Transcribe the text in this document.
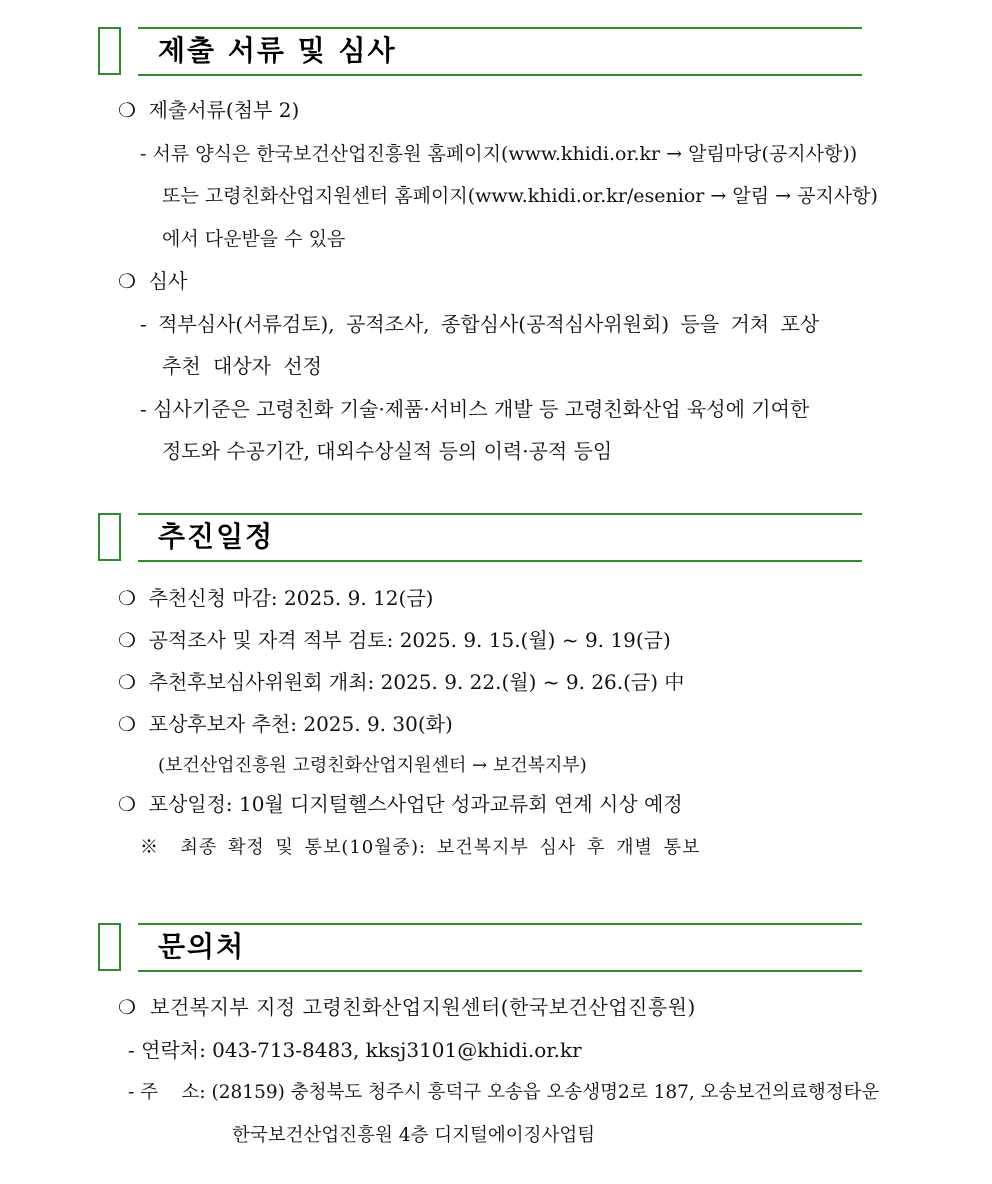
제출 서류 및 심사
❍ 제출서류(첨부 2)
- 서류 양식은 한국보건산업진흥원 홈페이지(www.khidi.or.kr → 알림마당(공지사항))
또는 고령친화산업지원센터 홈페이지(www.khidi.or.kr/esenior → 알림 → 공지사항)
에서 다운받을 수 있음
❍ 심사
- 적부심사(서류검토), 공적조사, 종합심사(공적심사위원회) 등을 거쳐 포상
추천 대상자 선정
- 심사기준은 고령친화 기술·제품·서비스 개발 등 고령친화산업 육성에 기여한
정도와 수공기간, 대외수상실적 등의 이력·공적 등임
추진일정
❍ 추천신청 마감: 2025. 9. 12(금)
❍ 공적조사 및 자격 적부 검토: 2025. 9. 15.(월) ~ 9. 19(금)
❍ 추천후보심사위원회 개최: 2025. 9. 22.(월) ~ 9. 26.(금) 中
❍ 포상후보자 추천: 2025. 9. 30(화)
(보건산업진흥원 고령친화산업지원센터 → 보건복지부)
❍ 포상일정: 10월 디지털헬스사업단 성과교류회 연계 시상 예정
※ 최종 확정 및 통보(10월중): 보건복지부 심사 후 개별 통보
문의처
❍ 보건복지부 지정 고령친화산업지원센터(한국보건산업진흥원)
- 연락처: 043-713-8483, kksj3101@khidi.or.kr
- 주    소: (28159) 충청북도 청주시 흥덕구 오송읍 오송생명2로 187, 오송보건의료행정타운
한국보건산업진흥원 4층 디지털에이징사업팀
